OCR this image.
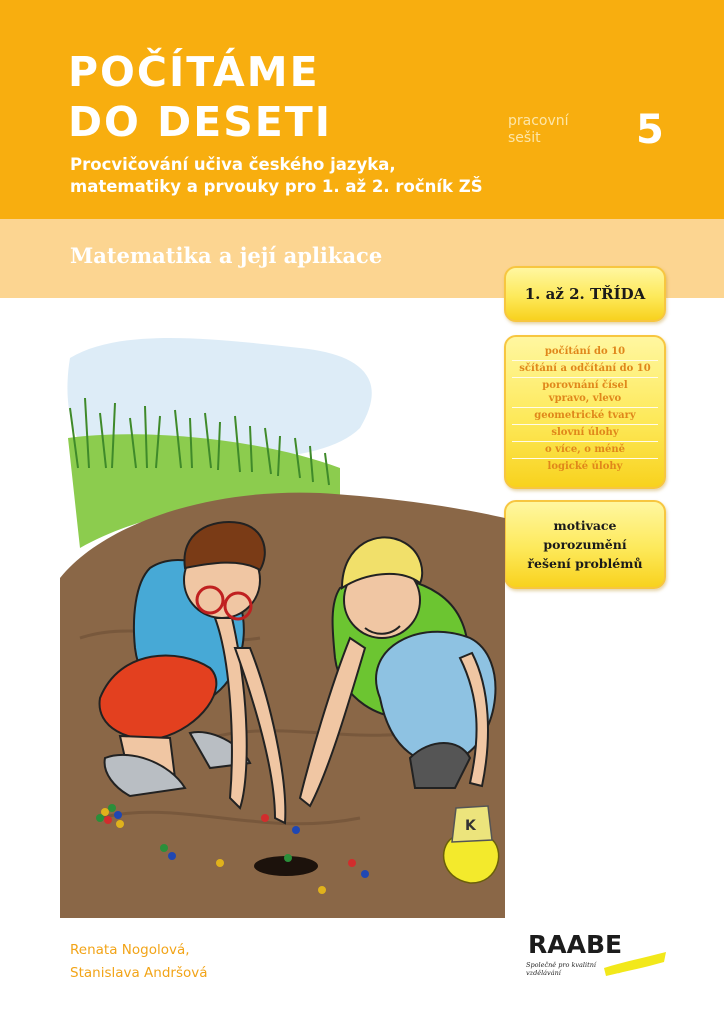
POČÍTÁME
DO DESETI

Procvičování učiva českého jazyka,
matematiky a prvouky pro 1. až 2. ročník ZŠ

pracovní
sešit	5
Matematika a její aplikace
1. až 2. TŘÍDA
počítání do 10
sčítání a odčítání do 10
porovnání čísel
vpravo, vlevo
geometrické tvary
slovní úlohy
o více, o méně
logické úlohy
motivace
porozumění
řešení problémů
K
Renata Nogolová,
Stanislava Andršová
RAABE
Společně pro kvalitní
vzdělávání
